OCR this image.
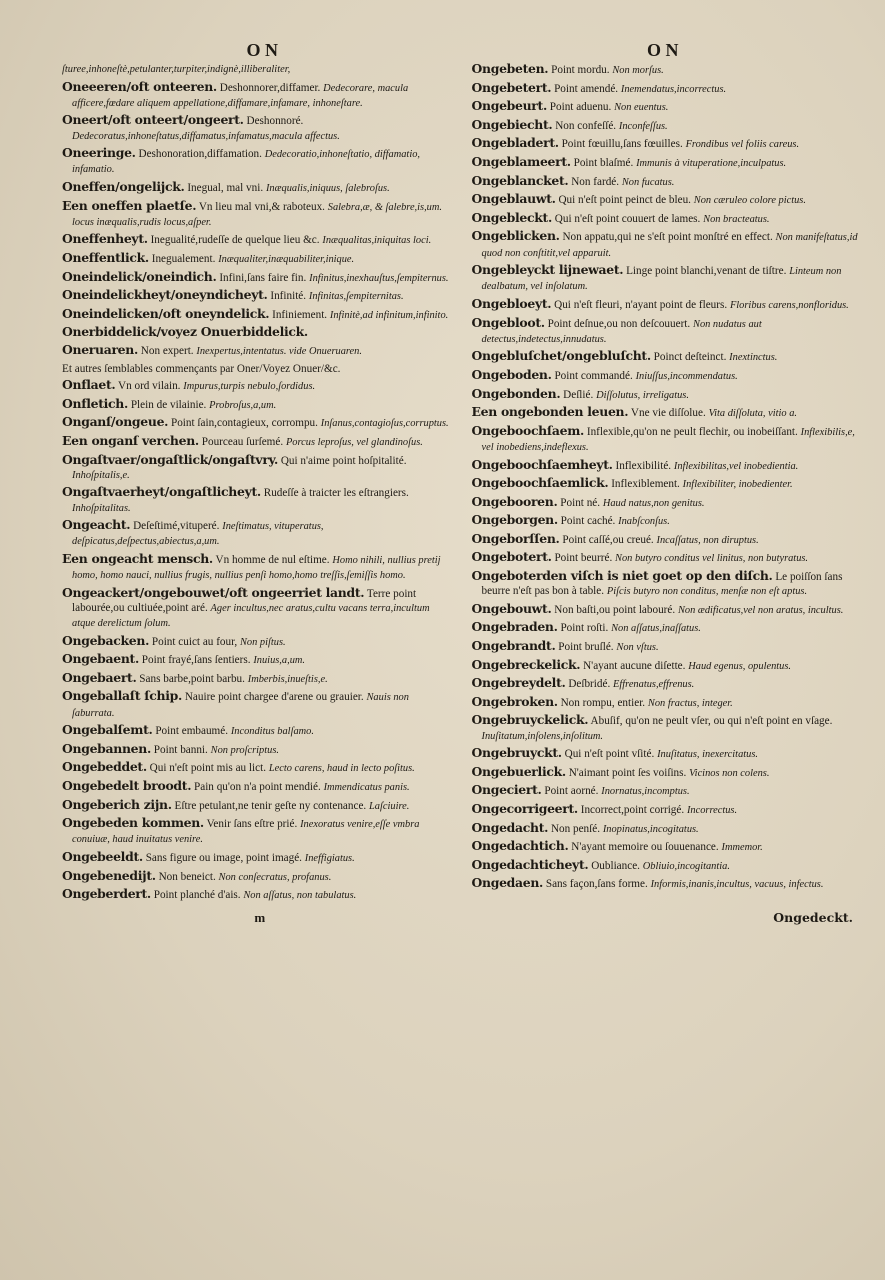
O N	O N

ſturee,inhoneſtè,petulanter,turpiter,indignè,illiberaliter,

Oneeeren/oft onteeren. Deshonnorer,diffamer. Dedecorare, macula afficere,fœdare aliquem appellatione,diffamare,infamare, inhoneſtare.

Oneert/oft onteert/ongeert. Deshonnoré. Dedecoratus,inhoneſtatus,diffamatus,infamatus,macula affectus.

Oneeringe. Deshonoration,diffamation. Dedecoratio,inhoneſtatio, diffamatio, infamatio.

Oneffen/ongelijck. Inegual, mal vni. Inæqualis,iniquus, ſalebroſus.

Een oneffen plaetſe. Vn lieu mal vni,& raboteux. Salebra,æ, & ſalebre,is,um. locus inæqualis,rudis locus,aſper.

Oneffenheyt. Inegualité,rudeſſe de quelque lieu &c. Inæqualitas,iniquitas loci.

Oneffentlick. Inegualement. Inæqualiter,inæquabiliter,inique.

Oneindelick/oneindich. Infini,ſans faire fin. Infinitus,inexhauſtus,ſempiternus.

Oneindelickheyt/oneyndicheyt. Infinité. Infinitas,ſempiternitas.

Oneindelicken/oft oneyndelick. Infiniement. Infinitè,ad infinitum,infinito.

Onerbiddelick/voyez Onuerbiddelick.

Oneruaren. Non expert. Inexpertus,intentatus. vide Onueruaren.

Et autres ſemblables commençants par Oner/Voyez Onuer/&c.

Onflaet. Vn ord vilain. Impurus,turpis nebulo,ſordidus.

Onfletich. Plein de vilainie. Probroſus,a,um.

Onganſ/ongeue. Point ſain,contagieux, corrompu. Inſanus,contagioſus,corruptus.

Een onganſ verchen. Pourceau ſurſemé. Porcus leproſus, vel glandinoſus.

Ongaſtvaer/ongaſtlick/ongaſtvry. Qui n'aime point hoſpitalité. Inhoſpitalis,e.

Ongaſtvaerheyt/ongaſtlicheyt. Rudeſſe à traicter les eſtrangiers. Inhoſpitalitas.

Ongeacht. Deſeſtimé,vituperé. Ineſtimatus, vituperatus, deſpicatus,deſpectus,abiectus,a,um.

Een ongeacht mensch. Vn homme de nul eſtime. Homo nihili, nullius pretij homo, homo nauci, nullius frugis, nullius penſi homo,homo treſſis,ſemiſſis homo.

Ongeackert/ongebouwet/oft ongeerriet landt. Terre point labourée,ou cultiuée,point aré. Ager incultus,nec aratus,cultu vacans terra,incultum atque derelictum ſolum.

Ongebacken. Point cuict au four, Non piſtus.

Ongebaent. Point frayé,ſans ſentiers. Inuius,a,um.

Ongebaert. Sans barbe,point barbu. Imberbis,inueſtis,e.

Ongeballaſt ſchip. Nauire point chargee d'arene ou grauier. Nauis non ſaburrata.

Ongebalſemt. Point embaumé. Inconditus balſamo.

Ongebannen. Point banni. Non proſcriptus.

Ongebeddet. Qui n'eſt point mis au lict. Lecto carens, haud in lecto poſitus.

Ongebedelt broodt. Pain qu'on n'a point mendié. Immendicatus panis.

Ongeberich zijn. Eſtre petulant,ne tenir geſte ny contenance. Laſciuire.

Ongebeden kommen. Venir ſans eſtre prié. Inexoratus venire,eſſe vmbra conuiuæ, haud inuitatus venire.

Ongebeeldt. Sans figure ou image, point imagé. Ineffigiatus.

Ongebenedijt. Non beneict. Non conſecratus, profanus.

Ongeberdert. Point planché d'ais. Non aſſatus, non tabulatus.

Ongebeten. Point mordu. Non morſus.

Ongebetert. Point amendé. Inemendatus,incorrectus.

Ongebeurt. Point aduenu. Non euentus.

Ongebiecht. Non confeſſé. Inconfeſſus.

Ongebladert. Point fœuillu,ſans fœuilles. Frondibus vel foliis careus.

Ongeblameert. Point blaſmé. Immunis à vituperatione,inculpatus.

Ongeblancket. Non fardé. Non fucatus.

Ongeblauwt. Qui n'eſt point peinct de bleu. Non cæruleo colore pictus.

Ongebleckt. Qui n'eſt point couuert de lames. Non bracteatus.

Ongeblicken. Non appatu,qui ne s'eſt point monſtré en effect. Non manifeſtatus,id quod non conſtitit,vel apparuit.

Ongebleyckt lijnewaet. Linge point blanchi,venant de tiſtre. Linteum non dealbatum, vel inſolatum.

Ongebloeyt. Qui n'eſt fleuri, n'ayant point de fleurs. Floribus carens,nonfloridus.

Ongebloot. Point deſnue,ou non deſcouuert. Non nudatus aut detectus,indetectus,innudatus.

Ongebluſchet/ongebluſcht. Poinct deſteinct. Inextinctus.

Ongeboden. Point commandé. Iniuſſus,incommendatus.

Ongebonden. Deſlié. Diſſolutus, irreligatus.

Een ongebonden leuen. Vne vie diſſolue. Vita diſſoluta, vitio a.

Ongeboochſaem. Inflexible,qu'on ne peult flechir, ou inobeiſſant. Inflexibilis,e, vel inobediens,indeflexus.

Ongeboochſaemheyt. Inflexibilité. Inflexibilitas,vel inobedientia.

Ongeboochſaemlick. Inflexiblement. Inflexibiliter, inobedienter.

Ongebooren. Point né. Haud natus,non genitus.

Ongeborgen. Point caché. Inabſconſus.

Ongeborſſen. Point caſſé,ou creué. Incaſſatus, non diruptus.

Ongebotert. Point beurré. Non butyro conditus vel linitus, non butyratus.

Ongeboterden viſch is niet goet op den diſch. Le poiſſon ſans beurre n'eſt pas bon à table. Piſcis butyro non conditus, menſæ non eſt aptus.

Ongebouwt. Non baſti,ou point labouré. Non ædificatus,vel non aratus, incultus.

Ongebraden. Point roſti. Non aſſatus,inaſſatus.

Ongebrandt. Point bruſlé. Non vſtus.

Ongebreckelick. N'ayant aucune diſette. Haud egenus, opulentus.

Ongebreydelt. Deſbridé. Effrenatus,effrenus.

Ongebroken. Non rompu, entier. Non fractus, integer.

Ongebruyckelick. Abuſif, qu'on ne peult vſer, ou qui n'eſt point en vſage. Inuſitatum,inſolens,inſolitum.

Ongebruyckt. Qui n'eſt point vſité. Inuſitatus, inexercitatus.

Ongebuerlick. N'aimant point ſes voiſins. Vicinos non colens.

Ongeciert. Point aorné. Inornatus,incomptus.

Ongecorrigeert. Incorrect,point corrigé. Incorrectus.

Ongedacht. Non penſé. Inopinatus,incogitatus.

Ongedachtich. N'ayant memoire ou ſouuenance. Immemor.

Ongedachticheyt. Oubliance. Obliuio,incogitantia.

Ongedaen. Sans façon,ſans forme. Informis,inanis,incultus, vacuus, infectus.

m	Ongedeckt.
